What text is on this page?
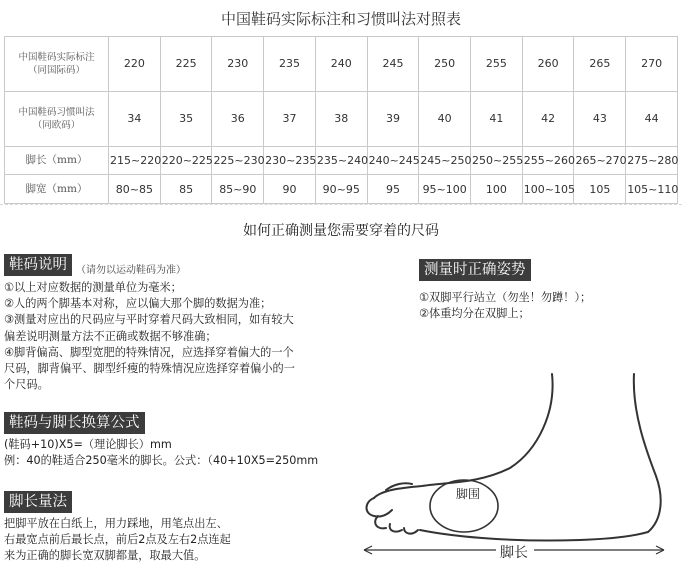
中国鞋码实际标注和习惯叫法对照表
中国鞋码实际标注
（同国际码）	220	225	230	235	240	245	250	255	260	265	270

中国鞋码习惯叫法
（同欧码）	34	35	36	37	38	39	40	41	42	43	44

脚长（mm）	215~220	220~225	225~230	230~235	235~240	240~245	245~250	250~255	255~260	265~270	275~280

脚宽（mm）	80~85	85	85~90	90	90~95	95	95~100	100	100~105	105	105~110
如何正确测量您需要穿着的尺码
鞋码说明 （请勿以运动鞋码为准）

①以上对应数据的测量单位为毫米；

②人的两个脚基本对称，应以偏大那个脚的数据为准；

③测量对应出的尺码应与平时穿着尺码大致相同，如有较大

偏差说明测量方法不正确或数据不够准确；

④脚背偏高、脚型宽肥的特殊情况，应选择穿着偏大的一个

尺码，脚背偏平、脚型纤瘦的特殊情况应选择穿着偏小的一

个尺码。

鞋码与脚长换算公式

(鞋码+10)X5=（理论脚长）mm

例：40的鞋适合250毫米的脚长。公式：（40+10X5=250mm

脚长量法

把脚平放在白纸上，用力踩地，用笔点出左、

右最宽点前后最长点，前后2点及左右2点连起

来为正确的脚长宽双脚都量，取最大值。

测量时正确姿势

①双脚平行站立（勿坐！勿蹲！）；

②体重均分在双脚上；

脚围
脚长
